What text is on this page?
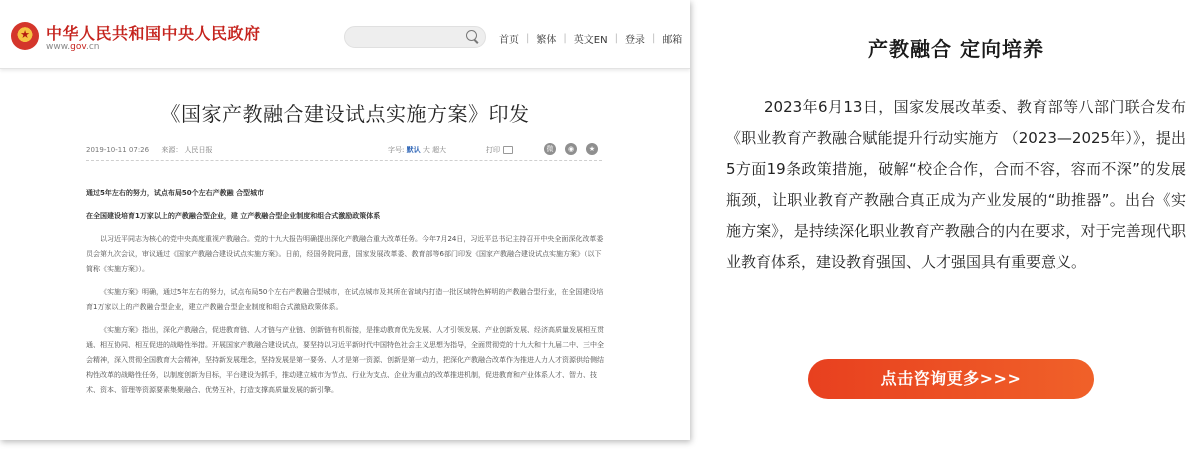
★	中华人民共和国中央人民政府
www.gov.cn
首页 | 繁体 | 英文EN | 登录 | 邮箱
《国家产教融合建设试点实施方案》印发
2019-10-11 07:26 来源： 人民日报	字号: 默认 大 超大	打印	微	◉	★

通过5年左右的努力，试点布局50个左右产教融 合型城市

在全国建设培育1万家以上的产教融合型企业，建 立产教融合型企业制度和组合式激励政策体系

以习近平同志为核心的党中央高度重视产教融合。党的十九大报告明确提出深化产教融合重大改革任务。今年7月24日，习近平总书记主持召开中央全面深化改革委员会第九次会议，审议通过《国家产教融合建设试点实施方案》。日前，经国务院同意，国家发展改革委、教育部等6部门印发《国家产教融合建设试点实施方案》（以下简称《实施方案》）。

《实施方案》明确，通过5年左右的努力，试点布局50个左右产教融合型城市，在试点城市及其所在省域内打造一批区域特色鲜明的产教融合型行业，在全国建设培育1万家以上的产教融合型企业，建立产教融合型企业制度和组合式激励政策体系。

《实施方案》指出，深化产教融合，促进教育链、人才链与产业链、创新链有机衔接，是推动教育优先发展、人才引领发展、产业创新发展、经济高质量发展相互贯通、相互协同、相互促进的战略性举措。开展国家产教融合建设试点，要坚持以习近平新时代中国特色社会主义思想为指导，全面贯彻党的十九大和十九届二中、三中全会精神，深入贯彻全国教育大会精神，坚持新发展理念，坚持发展是第一要务、人才是第一资源、创新是第一动力，把深化产教融合改革作为推进人力人才资源供给侧结构性改革的战略性任务，以制度创新为目标，平台建设为抓手，推动建立城市为节点、行业为支点、企业为重点的改革推进机制，促进教育和产业体系人才、智力、技术、资本、管理等资源要素集聚融合、优势互补，打造支撑高质量发展的新引擎。

产教融合 定向培养

2023年6月13日，国家发展改革委、教育部等八部门联合发布《职业教育产教融合赋能提升行动实施方 （2023—2025年）》，提出5方面19条政策措施，破解“校企合作，合而不容，容而不深”的发展瓶颈，让职业教育产教融合真正成为产业发展的“助推器”。出台《实施方案》，是持续深化职业教育产教融合的内在要求，对于完善现代职业教育体系，建设教育强国、人才强国具有重要意义。

点击咨询更多>>>
